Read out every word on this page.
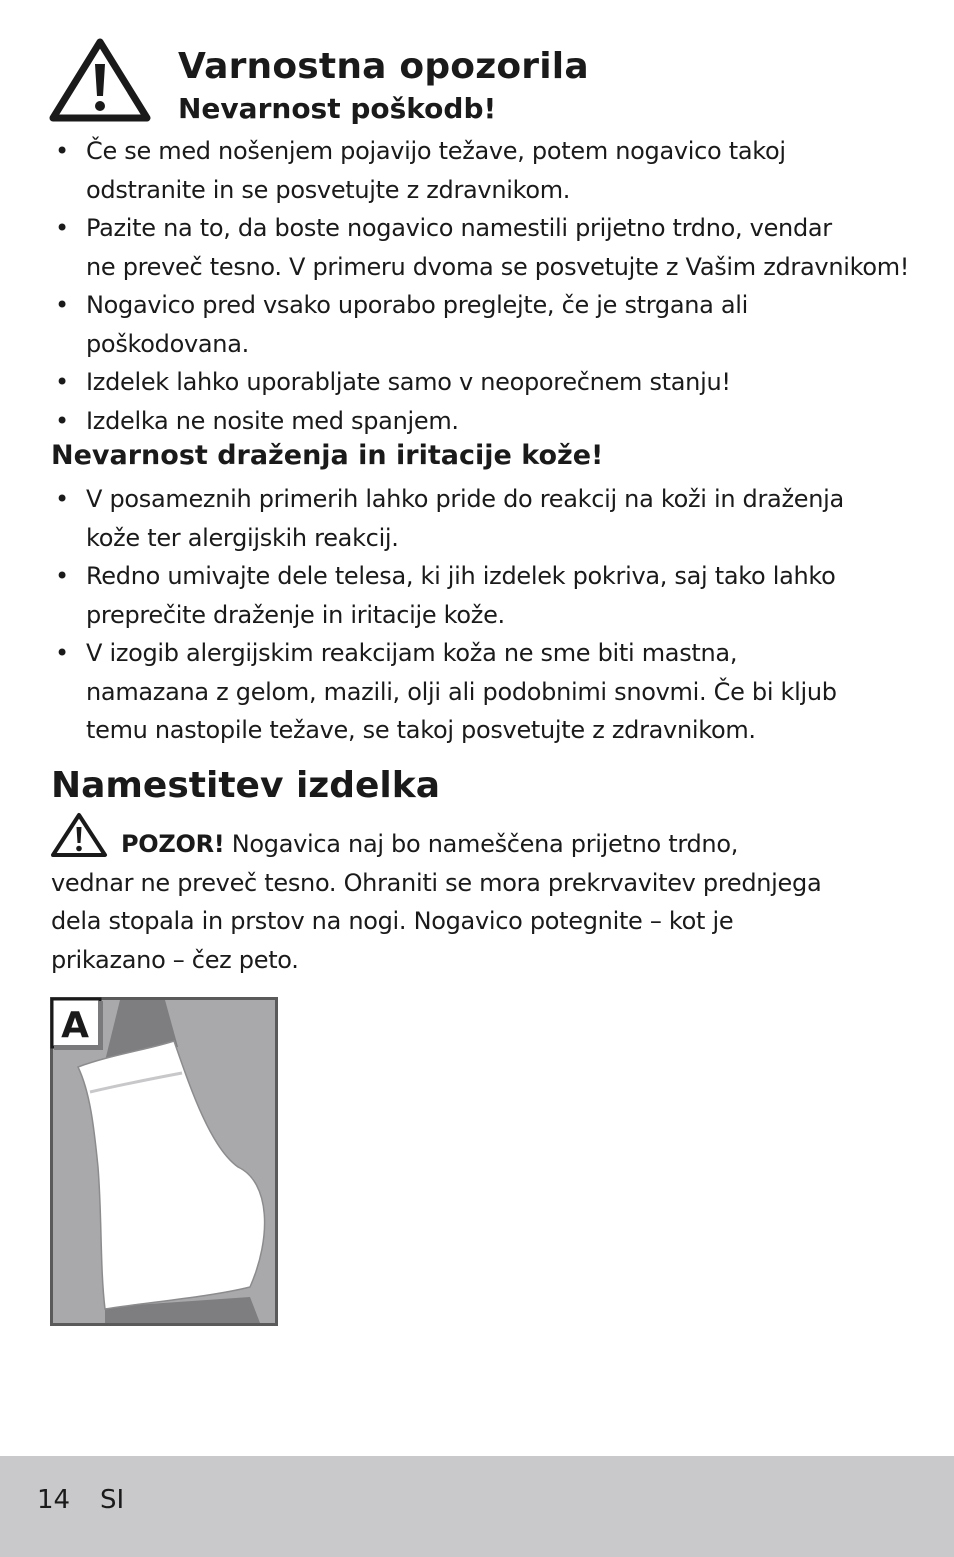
Varnostna opozorila
Nevarnost poškodb!
• Če se med nošenjem pojavijo težave, potem nogavico takoj
odstranite in se posvetujte z zdravnikom.
• Pazite na to, da boste nogavico namestili prijetno trdno, vendar
ne preveč tesno. V primeru dvoma se posvetujte z Vašim zdravnikom!
• Nogavico pred vsako uporabo preglejte, če je strgana ali
poškodovana.
• Izdelek lahko uporabljate samo v neoporečnem stanju!
• Izdelka ne nosite med spanjem.
Nevarnost draženja in iritacije kože!
• V posameznih primerih lahko pride do reakcij na koži in draženja
kože ter alergijskih reakcij.
• Redno umivajte dele telesa, ki jih izdelek pokriva, saj tako lahko
preprečite draženje in iritacije kože.
• V izogib alergijskim reakcijam koža ne sme biti mastna,
namazana z gelom, mazili, olji ali podobnimi snovmi. Če bi kljub
temu nastopile težave, se takoj posvetujte z zdravnikom.
Namestitev izdelka

POZOR! Nogavica naj bo nameščena prijetno trdno,
vednar ne preveč tesno. Ohraniti se mora prekrvavitev prednjega
dela stopala in prstov na nogi. Nogavico potegnite – kot je
prikazano – čez peto.

A
14 SI
